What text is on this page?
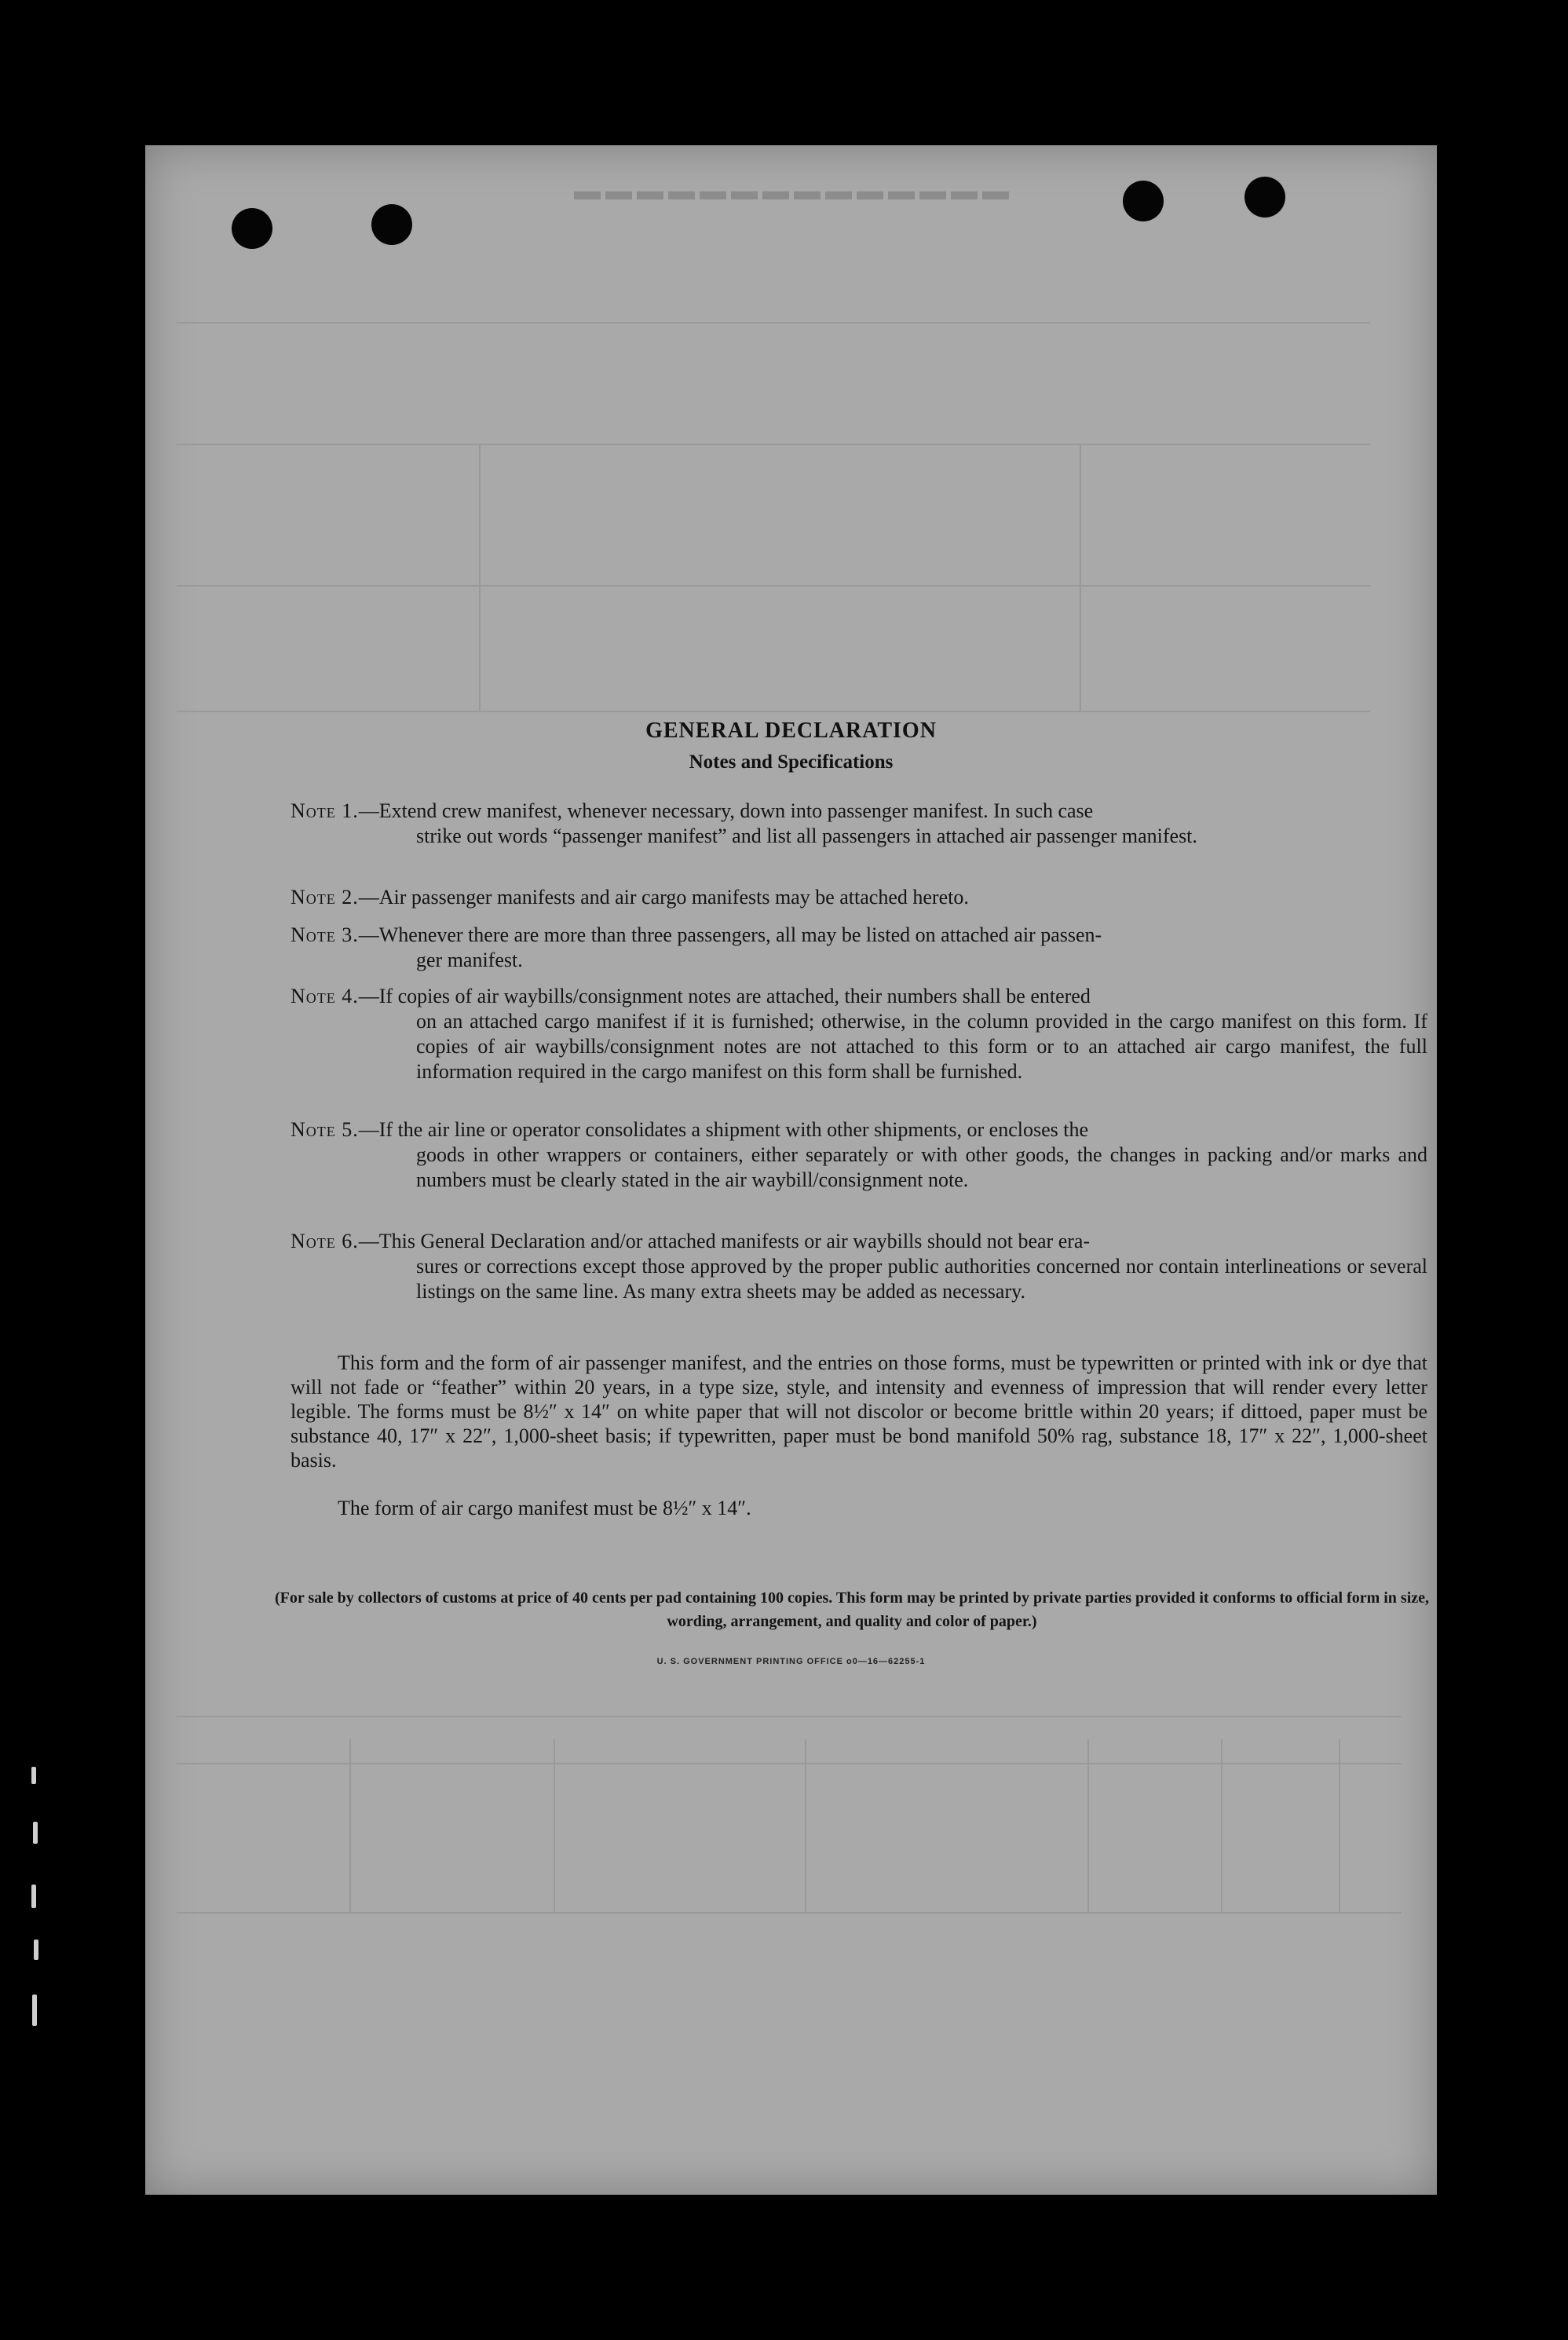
▬▬▬▬▬▬▬▬▬▬▬▬▬▬
GENERAL DECLARATION
Notes and Specifications
Note 1.—Extend crew manifest, whenever necessary, down into passenger manifest. In such case
strike out words “passenger manifest” and list all passengers in attached air passenger manifest.
Note 2.—Air passenger manifests and air cargo manifests may be attached hereto.
Note 3.—Whenever there are more than three passengers, all may be listed on attached air passen-
ger manifest.
Note 4.—If copies of air waybills/consignment notes are attached, their numbers shall be entered
on an attached cargo manifest if it is furnished; otherwise, in the column provided in the cargo manifest on this form. If copies of air waybills/consignment notes are not attached to this form or to an attached air cargo manifest, the full information required in the cargo manifest on this form shall be furnished.
Note 5.—If the air line or operator consolidates a shipment with other shipments, or encloses the
goods in other wrappers or containers, either separately or with other goods, the changes in packing and/or marks and numbers must be clearly stated in the air waybill/consignment note.
Note 6.—This General Declaration and/or attached manifests or air waybills should not bear era-
sures or corrections except those approved by the proper public authorities concerned nor contain interlineations or several listings on the same line. As many extra sheets may be added as necessary.
This form and the form of air passenger manifest, and the entries on those forms, must be typewritten or printed with ink or dye that will not fade or “feather” within 20 years, in a type size, style, and intensity and evenness of impression that will render every letter legible. The forms must be 8½″ x 14″ on white paper that will not discolor or become brittle within 20 years; if dittoed, paper must be substance 40, 17″ x 22″, 1,000-sheet basis; if typewritten, paper must be bond manifold 50% rag, substance 18, 17″ x 22″, 1,000-sheet basis.
The form of air cargo manifest must be 8½″ x 14″.
(For sale by collectors of customs at price of 40 cents per pad containing 100 copies. This form may be printed by private parties provided it conforms to official form in size, wording, arrangement, and quality and color of paper.)
U. S. GOVERNMENT PRINTING OFFICE o0—16—62255-1
